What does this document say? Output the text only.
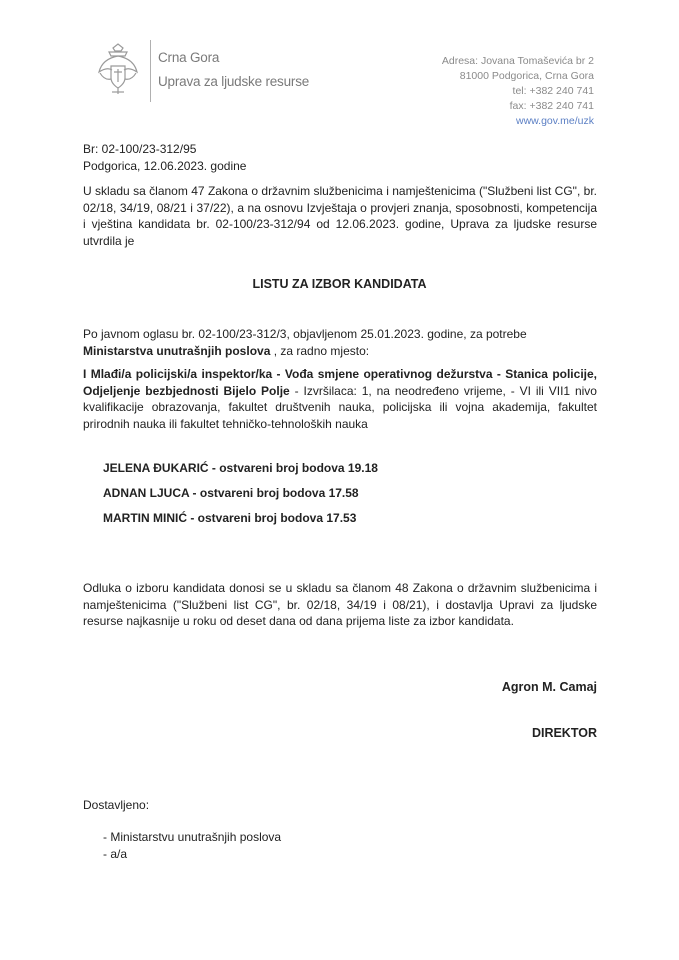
Crna Gora
Uprava za ljudske resurse
Adresa: Jovana Tomaševića br 2
81000 Podgorica, Crna Gora
tel: +382 240 741
fax: +382 240 741
www.gov.me/uzk
Br: 02-100/23-312/95
Podgorica, 12.06.2023. godine

U skladu sa članom 47 Zakona o državnim službenicima i namještenicima ("Službeni list CG", br. 02/18, 34/19, 08/21 i 37/22), a na osnovu Izvještaja o provjeri znanja, sposobnosti, kompetencija i vještina kandidata br. 02-100/23-312/94 od 12.06.2023. godine, Uprava za ljudske resurse utvrdila je

LISTU ZA IZBOR KANDIDATA

Po javnom oglasu br. 02-100/23-312/3, objavljenom 25.01.2023. godine, za potrebe
Ministarstva unutrašnjih poslova , za radno mjesto:

I Mlađi/a policijski/a inspektor/ka - Vođa smjene operativnog dežurstva - Stanica policije, Odjeljenje bezbjednosti Bijelo Polje - Izvršilaca: 1, na neodređeno vrijeme, - VI ili VII1 nivo kvalifikacije obrazovanja, fakultet društvenih nauka, policijska ili vojna akademija, fakultet prirodnih nauka ili fakultet tehničko-tehnoloških nauka

JELENA ĐUKARIĆ - ostvareni broj bodova 19.18
ADNAN LJUCA - ostvareni broj bodova 17.58
MARTIN MINIĆ - ostvareni broj bodova 17.53

Odluka o izboru kandidata donosi se u skladu sa članom 48 Zakona o državnim službenicima i namještenicima ("Službeni list CG", br. 02/18, 34/19 i 08/21), i dostavlja Upravi za ljudske resurse najkasnije u roku od deset dana od dana prijema liste za izbor kandidata.

Agron M. Camaj
DIREKTOR
Dostavljeno:
- Ministarstvu unutrašnjih poslova
- a/a
